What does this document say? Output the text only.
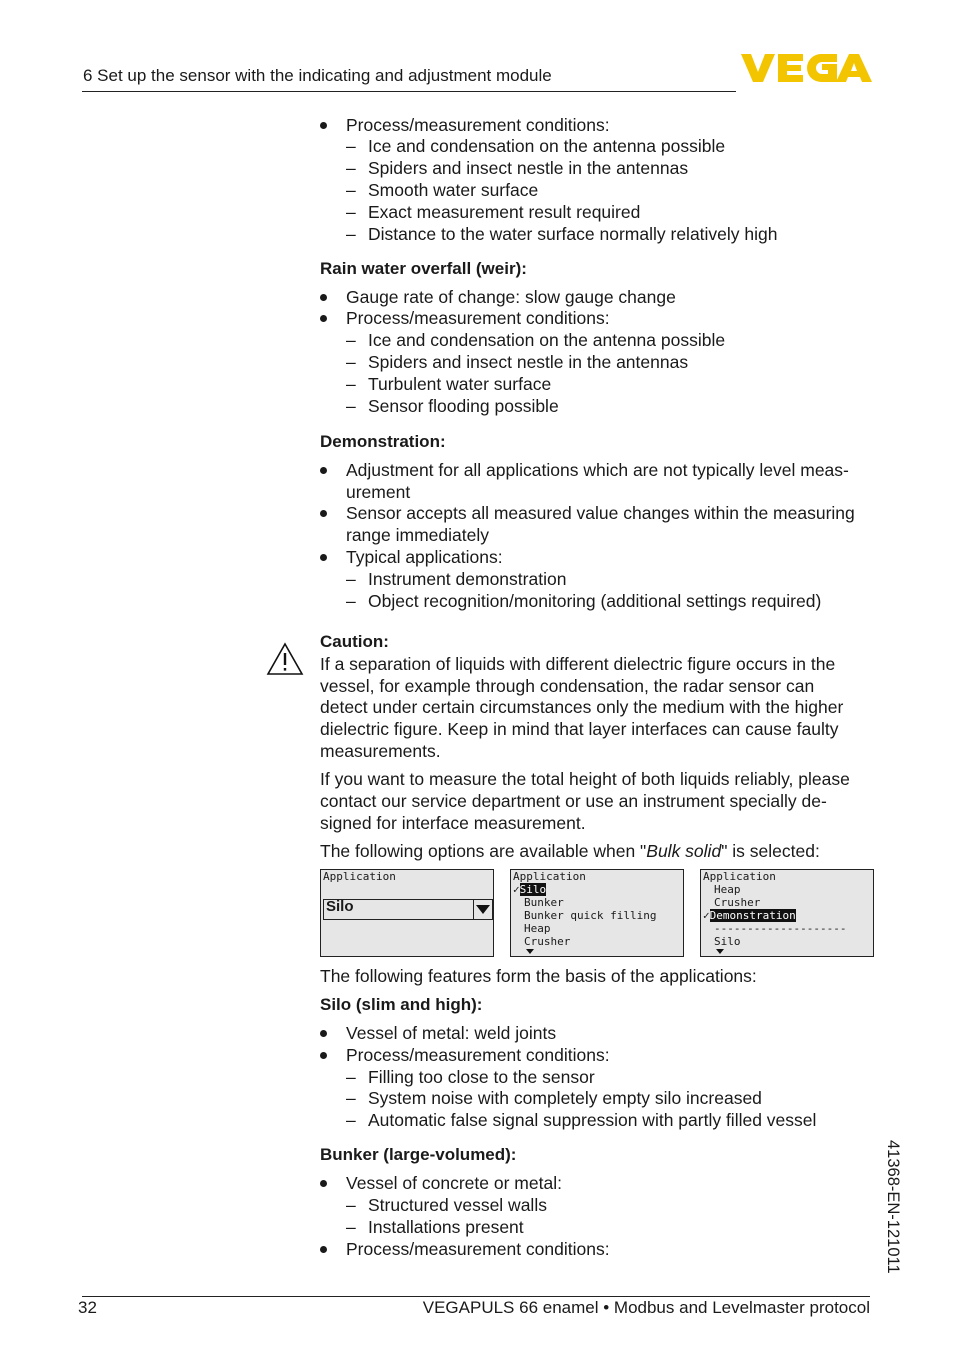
6 Set up the sensor with the indicating and adjustment module
Process/measurement conditions:
– Ice and condensation on the antenna possible
– Spiders and insect nestle in the antennas
– Smooth water surface
– Exact measurement result required
– Distance to the water surface normally relatively high
Rain water overfall (weir):
Gauge rate of change: slow gauge change
Process/measurement conditions:
– Ice and condensation on the antenna possible
– Spiders and insect nestle in the antennas
– Turbulent water surface
– Sensor flooding possible
Demonstration:
Adjustment for all applications which are not typically level meas-
urement
Sensor accepts all measured value changes within the measuring
range immediately
Typical applications:
– Instrument demonstration
– Object recognition/monitoring (additional settings required)
Caution:
If a separation of liquids with different dielectric figure occurs in the
vessel, for example through condensation, the radar sensor can
detect under certain circumstances only the medium with the higher
dielectric figure. Keep in mind that layer interfaces can cause faulty
measurements.
If you want to measure the total height of both liquids reliably, please
contact our service department or use an instrument specially de-
signed for interface measurement.
The following options are available when "Bulk solid" is selected:
Application
Silo
Application
✓Silo
Bunker
Bunker quick filling
Heap
Crusher
Application
Heap
Crusher
✓Demonstration
--------------------
Silo
The following features form the basis of the applications:
Silo (slim and high):
Vessel of metal: weld joints
Process/measurement conditions:
– Filling too close to the sensor
– System noise with completely empty silo increased
– Automatic false signal suppression with partly filled vessel
Bunker (large-volumed):
Vessel of concrete or metal:
– Structured vessel walls
– Installations present
Process/measurement conditions:	41368-EN-121011
32	VEGAPULS 66 enamel • Modbus and Levelmaster protocol
